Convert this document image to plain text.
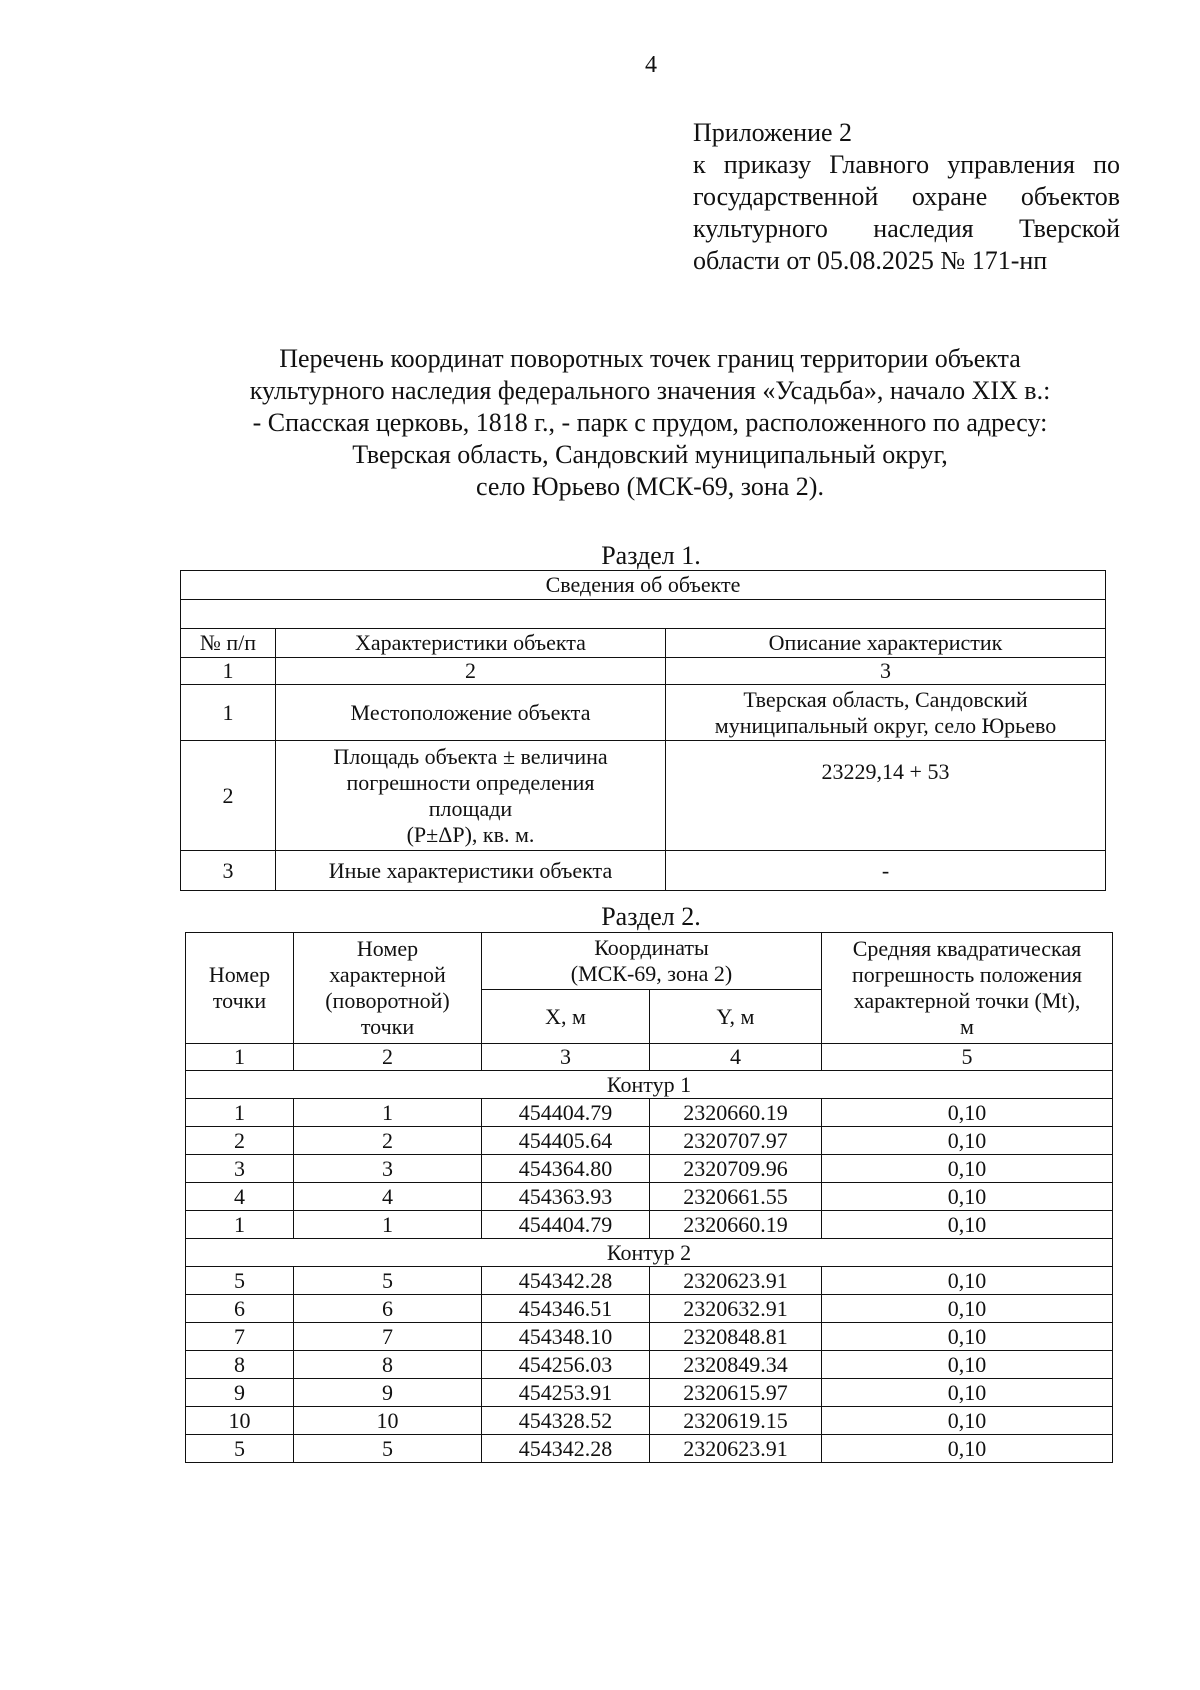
4
Приложение 2
к приказу Главного управления по
государственной охране объектов
культурного наследия Тверской
области от 05.08.2025 № 171-нп
Перечень координат поворотных точек границ территории объекта
культурного наследия федерального значения «Усадьба», начало XIX в.:
- Спасская церковь, 1818 г., - парк с прудом, расположенного по адресу:
Тверская область, Сандовский муниципальный округ,
село Юрьево (МСК-69, зона 2).
Раздел 1.
Сведения об объекте		

№ п/п	Характеристики объекта	Описание характеристик
1	2	3
1	Местоположение объекта	Тверская область, Сандовский
муниципальный округ, село Юрьево

2	Площадь объекта ± величина
погрешности определения
площади
(Р±ΔР), кв. м.	23229,14 + 53

3	Иные характеристики объекта	-
Раздел 2.
Номер
точки	Номер
характерной
(поворотной)
точки	Координаты
(МСК-69, зона 2)		Средняя квадратическая
погрешность положения
характерной точки (Mt),
м

		X, м	Y, м	
1	2	3	4	5
Контур 1				
1	1	454404.79	2320660.19	0,10
2	2	454405.64	2320707.97	0,10
3	3	454364.80	2320709.96	0,10
4	4	454363.93	2320661.55	0,10
1	1	454404.79	2320660.19	0,10
Контур 2				
5	5	454342.28	2320623.91	0,10
6	6	454346.51	2320632.91	0,10
7	7	454348.10	2320848.81	0,10
8	8	454256.03	2320849.34	0,10
9	9	454253.91	2320615.97	0,10
10	10	454328.52	2320619.15	0,10
5	5	454342.28	2320623.91	0,10
